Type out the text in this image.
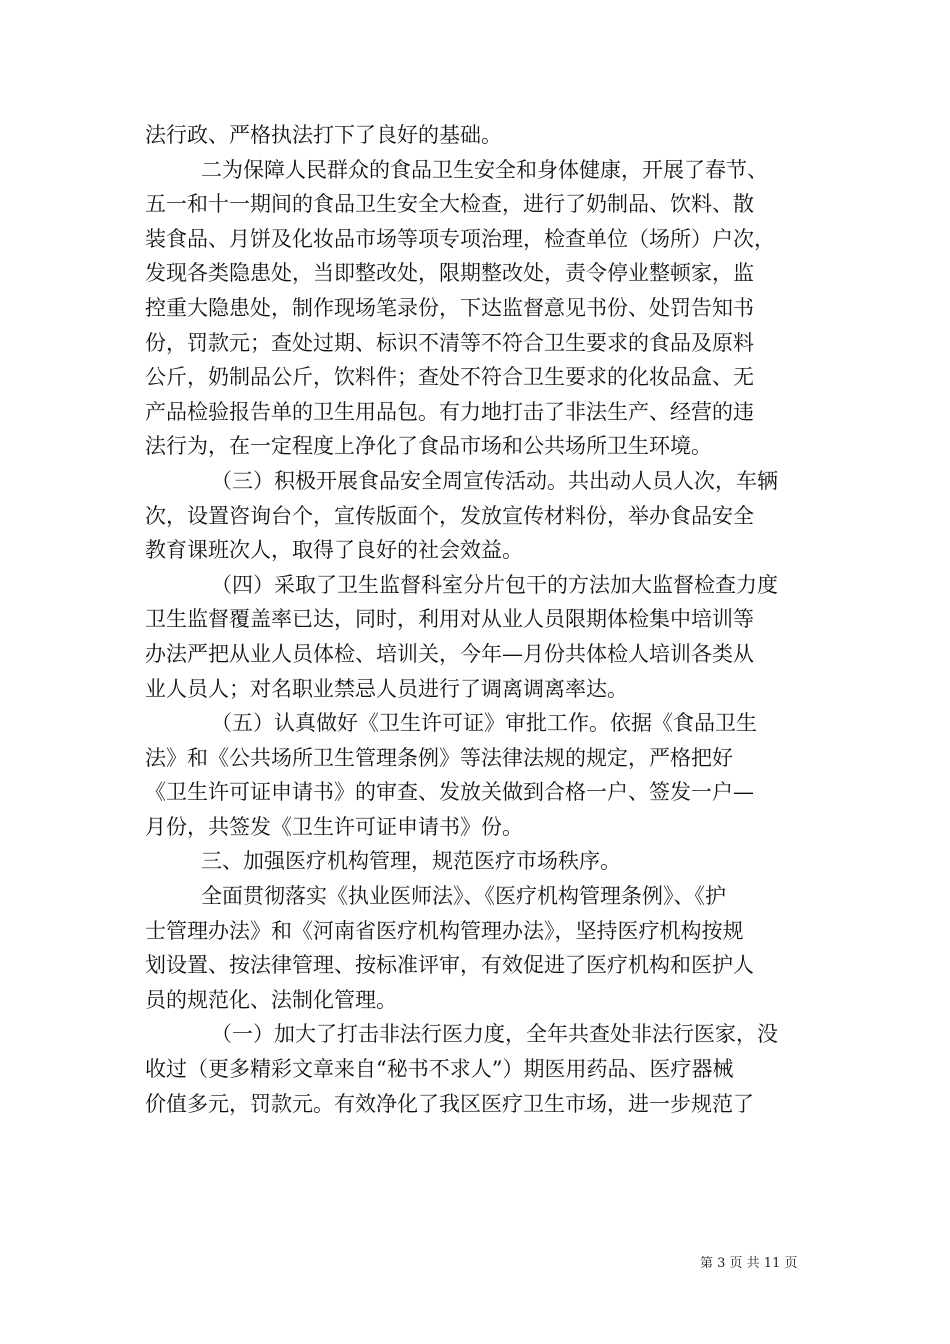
法行政、严格执法打下了良好的基础。
二为保障人民群众的食品卫生安全和身体健康，开展了春节、
五一和十一期间的食品卫生安全大检查，进行了奶制品、饮料、散
装食品、月饼及化妆品市场等项专项治理，检查单位（场所）户次，
发现各类隐患处，当即整改处，限期整改处，责令停业整顿家，监
控重大隐患处，制作现场笔录份，下达监督意见书份、处罚告知书
份，罚款元；查处过期、标识不清等不符合卫生要求的食品及原料
公斤，奶制品公斤，饮料件；查处不符合卫生要求的化妆品盒、无
产品检验报告单的卫生用品包。有力地打击了非法生产、经营的违
法行为，在一定程度上净化了食品市场和公共场所卫生环境。
（三）积极开展食品安全周宣传活动。共出动人员人次，车辆
次，设置咨询台个，宣传版面个，发放宣传材料份，举办食品安全
教育课班次人，取得了良好的社会效益。
（四）采取了卫生监督科室分片包干的方法加大监督检查力度
卫生监督覆盖率已达，同时，利用对从业人员限期体检集中培训等
办法严把从业人员体检、培训关，今年—月份共体检人培训各类从
业人员人；对名职业禁忌人员进行了调离调离率达。
（五）认真做好《卫生许可证》审批工作。依据《食品卫生
法》和《公共场所卫生管理条例》等法律法规的规定，严格把好
《卫生许可证申请书》的审查、发放关做到合格一户、签发一户—
月份，共签发《卫生许可证申请书》份。
三、加强医疗机构管理，规范医疗市场秩序。
全面贯彻落实《执业医师法》、《医疗机构管理条例》、《护
士管理办法》和《河南省医疗机构管理办法》，坚持医疗机构按规
划设置、按法律管理、按标准评审，有效促进了医疗机构和医护人
员的规范化、法制化管理。
（一）加大了打击非法行医力度，全年共查处非法行医家，没
收过（更多精彩文章来自“秘书不求人”）期医用药品、医疗器械
价值多元，罚款元。有效净化了我区医疗卫生市场，进一步规范了
第 3 页 共 11 页
